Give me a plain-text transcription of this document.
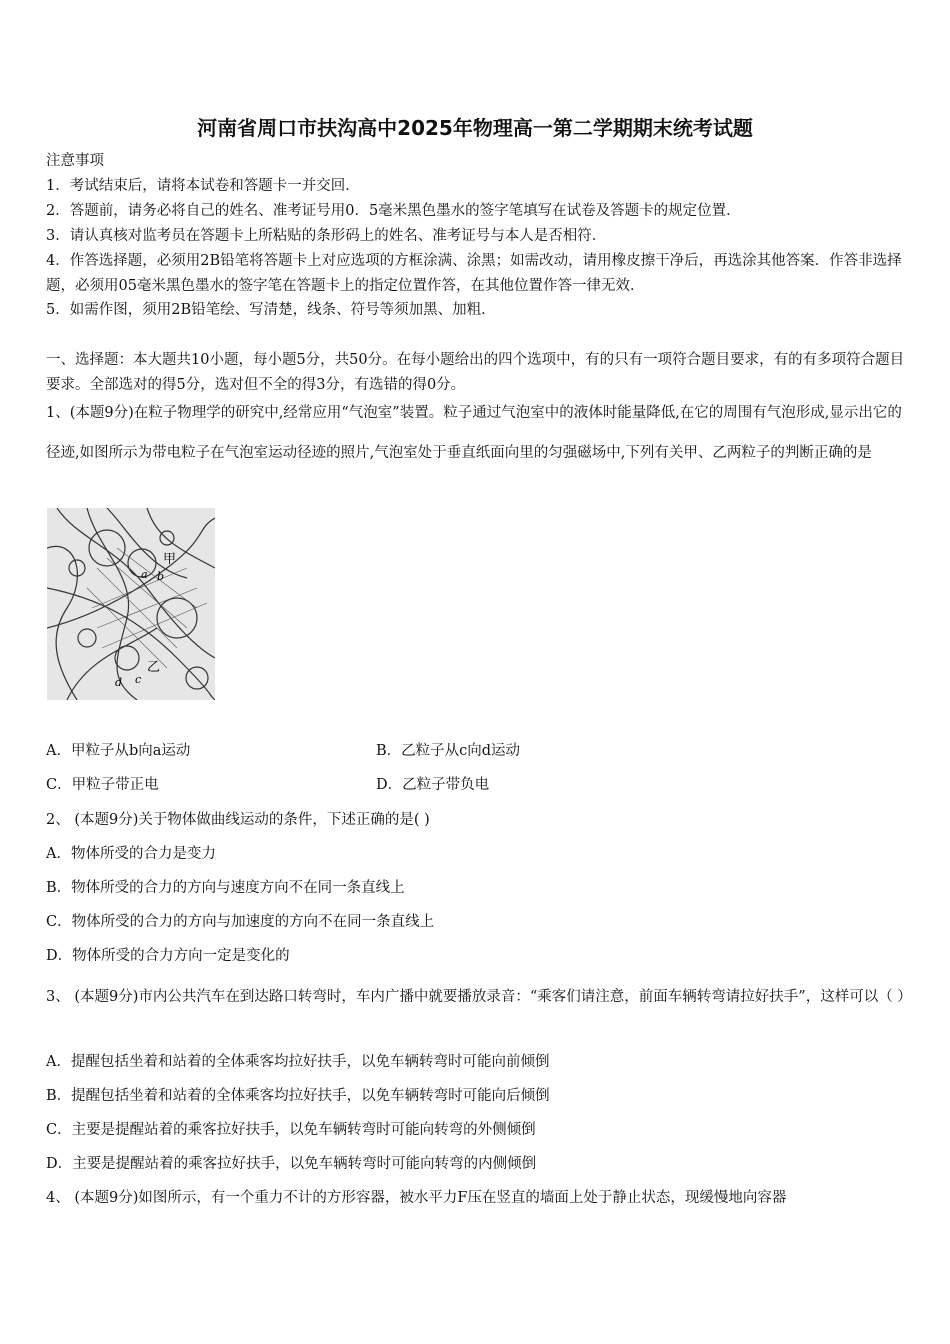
河南省周口市扶沟高中2025年物理高一第二学期期末统考试题
注意事项
1．考试结束后，请将本试卷和答题卡一并交回．
2．答题前，请务必将自己的姓名、准考证号用0．5毫米黑色墨水的签字笔填写在试卷及答题卡的规定位置．
3．请认真核对监考员在答题卡上所粘贴的条形码上的姓名、准考证号与本人是否相符．
4．作答选择题，必须用2B铅笔将答题卡上对应选项的方框涂满、涂黑；如需改动，请用橡皮擦干净后，再选涂其他答案．作答非选择题，必须用05毫米黑色墨水的签字笔在答题卡上的指定位置作答，在其他位置作答一律无效．
5．如需作图，须用2B铅笔绘、写清楚，线条、符号等须加黑、加粗．
一、选择题：本大题共10小题，每小题5分，共50分。在每小题给出的四个选项中，有的只有一项符合题目要求，有的有多项符合题目要求。全部选对的得5分，选对但不全的得3分，有选错的得0分。
1、(本题9分)在粒子物理学的研究中,经常应用“气泡室”装置。粒子通过气泡室中的液体时能量降低,在它的周围有气泡形成,显示出它的径迹,如图所示为带电粒子在气泡室运动径迹的照片,气泡室处于垂直纸面向里的匀强磁场中,下列有关甲、乙两粒子的判断正确的是
甲
a b
乙
c
d
A．甲粒子从b向a运动	B．乙粒子从c向d运动
C．甲粒子带正电	D．乙粒子带负电
2、 (本题9分)关于物体做曲线运动的条件，下述正确的是( )
A．物体所受的合力是变力
B．物体所受的合力的方向与速度方向不在同一条直线上
C．物体所受的合力的方向与加速度的方向不在同一条直线上
D．物体所受的合力方向一定是变化的
3、 (本题9分)市内公共汽车在到达路口转弯时，车内广播中就要播放录音：“乘客们请注意，前面车辆转弯请拉好扶手”，这样可以（ ）
A．提醒包括坐着和站着的全体乘客均拉好扶手，以免车辆转弯时可能向前倾倒
B．提醒包括坐着和站着的全体乘客均拉好扶手，以免车辆转弯时可能向后倾倒
C．主要是提醒站着的乘客拉好扶手，以免车辆转弯时可能向转弯的外侧倾倒
D．主要是提醒站着的乘客拉好扶手，以免车辆转弯时可能向转弯的内侧倾倒
4、 (本题9分)如图所示，有一个重力不计的方形容器，被水平力F压在竖直的墙面上处于静止状态，现缓慢地向容器
